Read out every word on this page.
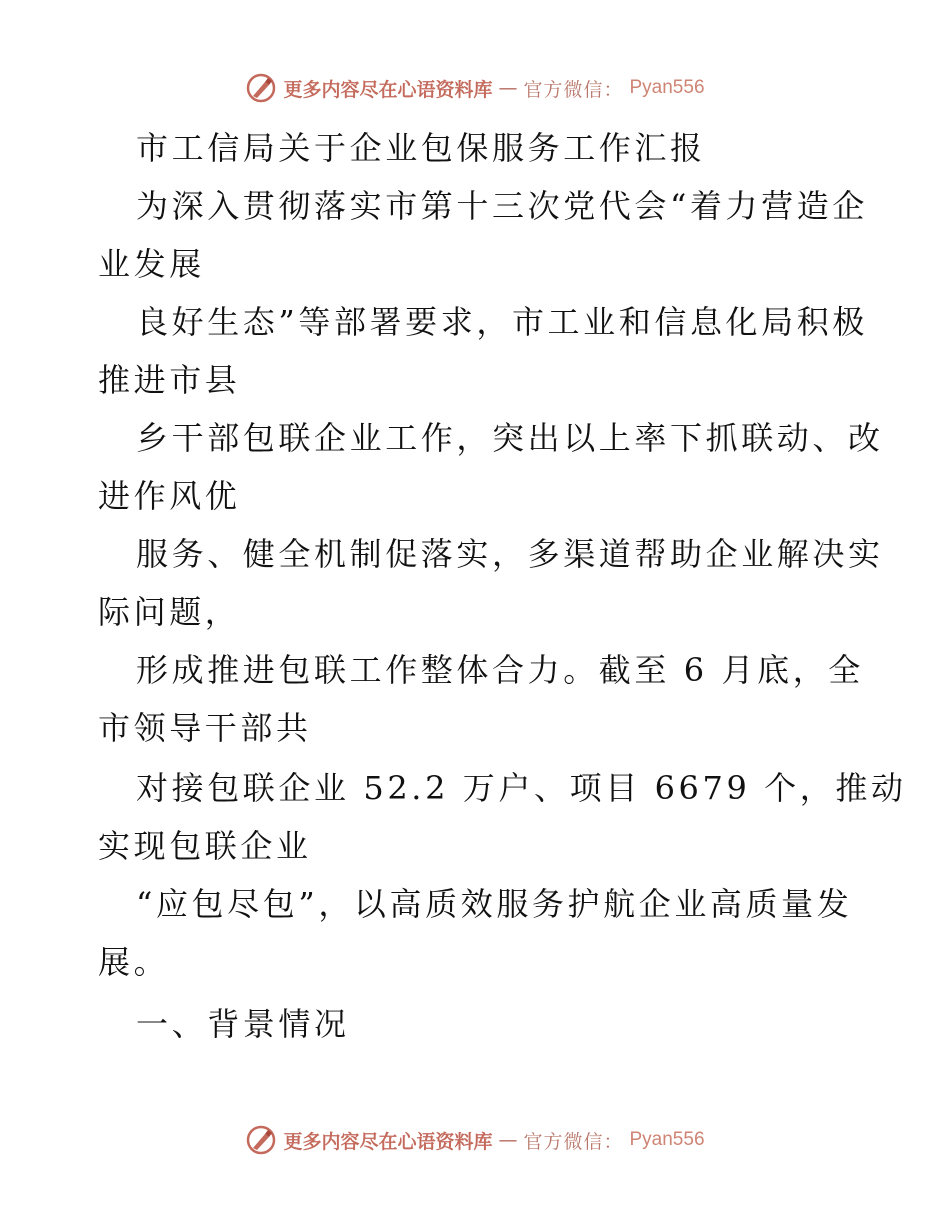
更多内容尽在心语资料库 — 官方微信： Pyan556
市工信局关于企业包保服务工作汇报
为深入贯彻落实市第十三次党代会“着力营造企
业发展
良好生态”等部署要求，市工业和信息化局积极
推进市县
乡干部包联企业工作，突出以上率下抓联动、改
进作风优
服务、健全机制促落实，多渠道帮助企业解决实
际问题，
形成推进包联工作整体合力。截至 6 月底，全
市领导干部共
对接包联企业 52.2 万户、项目 6679 个，推动
实现包联企业
“应包尽包”，以高质效服务护航企业高质量发
展。
一、背景情况
更多内容尽在心语资料库 — 官方微信： Pyan556
